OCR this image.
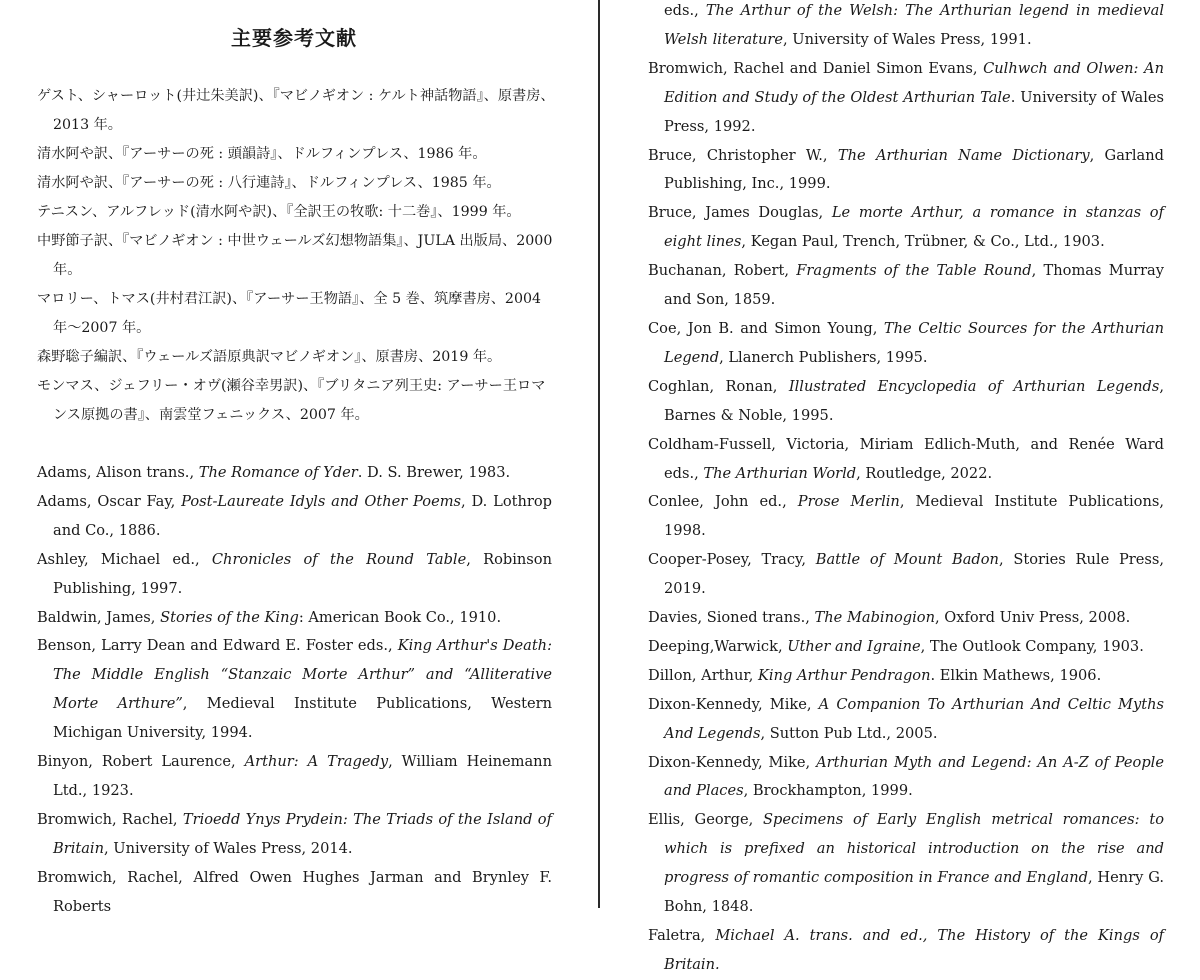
主要参考文献
ゲスト、シャーロット(井辻朱美訳)、『マビノギオン : ケルト神話物語』、原書房、2013 年。
清水阿や訳、『アーサーの死 : 頭韻詩』、ドルフィンプレス、1986 年。
清水阿や訳、『アーサーの死 : 八行連詩』、ドルフィンプレス、1985 年。
テニスン、アルフレッド(清水阿や訳)、『全訳王の牧歌: 十二巻』、1999 年。
中野節子訳、『マビノギオン : 中世ウェールズ幻想物語集』、JULA 出版局、2000 年。
マロリー、トマス(井村君江訳)、『アーサー王物語』、全 5 巻、筑摩書房、2004 年～2007 年。
森野聡子編訳、『ウェールズ語原典訳マビノギオン』、原書房、2019 年。
モンマス、ジェフリー・オヴ(瀬谷幸男訳)、『ブリタニア列王史: アーサー王ロマンス原拠の書』、南雲堂フェニックス、2007 年。
Adams, Alison trans., The Romance of Yder. D. S. Brewer, 1983.
Adams, Oscar Fay, Post-Laureate Idyls and Other Poems, D. Lothrop and Co., 1886.
Ashley, Michael ed., Chronicles of the Round Table, Robinson Publishing, 1997.
Baldwin, James, Stories of the King: American Book Co., 1910.
Benson, Larry Dean and Edward E. Foster eds., King Arthur's Death: The Middle English “Stanzaic Morte Arthur” and “Alliterative Morte Arthure”, Medieval Institute Publications, Western Michigan University, 1994.
Binyon, Robert Laurence, Arthur: A Tragedy, William Heinemann Ltd., 1923.
Bromwich, Rachel, Trioedd Ynys Prydein: The Triads of the Island of Britain, University of Wales Press, 2014.
Bromwich, Rachel, Alfred Owen Hughes Jarman and Brynley F. Roberts
eds., The Arthur of the Welsh: The Arthurian legend in medieval Welsh literature, University of Wales Press, 1991.
Bromwich, Rachel and Daniel Simon Evans, Culhwch and Olwen: An Edition and Study of the Oldest Arthurian Tale. University of Wales Press, 1992.
Bruce, Christopher W., The Arthurian Name Dictionary, Garland Publishing, Inc., 1999.
Bruce, James Douglas, Le morte Arthur, a romance in stanzas of eight lines, Kegan Paul, Trench, Trübner, & Co., Ltd., 1903.
Buchanan, Robert, Fragments of the Table Round, Thomas Murray and Son, 1859.
Coe, Jon B. and Simon Young, The Celtic Sources for the Arthurian Legend, Llanerch Publishers, 1995.
Coghlan, Ronan, Illustrated Encyclopedia of Arthurian Legends, Barnes & Noble, 1995.
Coldham-Fussell, Victoria, Miriam Edlich-Muth, and Renée Ward eds., The Arthurian World, Routledge, 2022.
Conlee, John ed., Prose Merlin, Medieval Institute Publications, 1998.
Cooper-Posey, Tracy, Battle of Mount Badon, Stories Rule Press, 2019.
Davies, Sioned trans., The Mabinogion, Oxford Univ Press, 2008.
Deeping,Warwick, Uther and Igraine, The Outlook Company, 1903.
Dillon, Arthur, King Arthur Pendragon. Elkin Mathews, 1906.
Dixon-Kennedy, Mike, A Companion To Arthurian And Celtic Myths And Legends, Sutton Pub Ltd., 2005.
Dixon-Kennedy, Mike, Arthurian Myth and Legend: An A-Z of People and Places, Brockhampton, 1999.
Ellis, George, Specimens of Early English metrical romances: to which is prefixed an historical introduction on the rise and progress of romantic composition in France and England, Henry G. Bohn, 1848.
Faletra, Michael A. trans. and ed., The History of the Kings of Britain.
